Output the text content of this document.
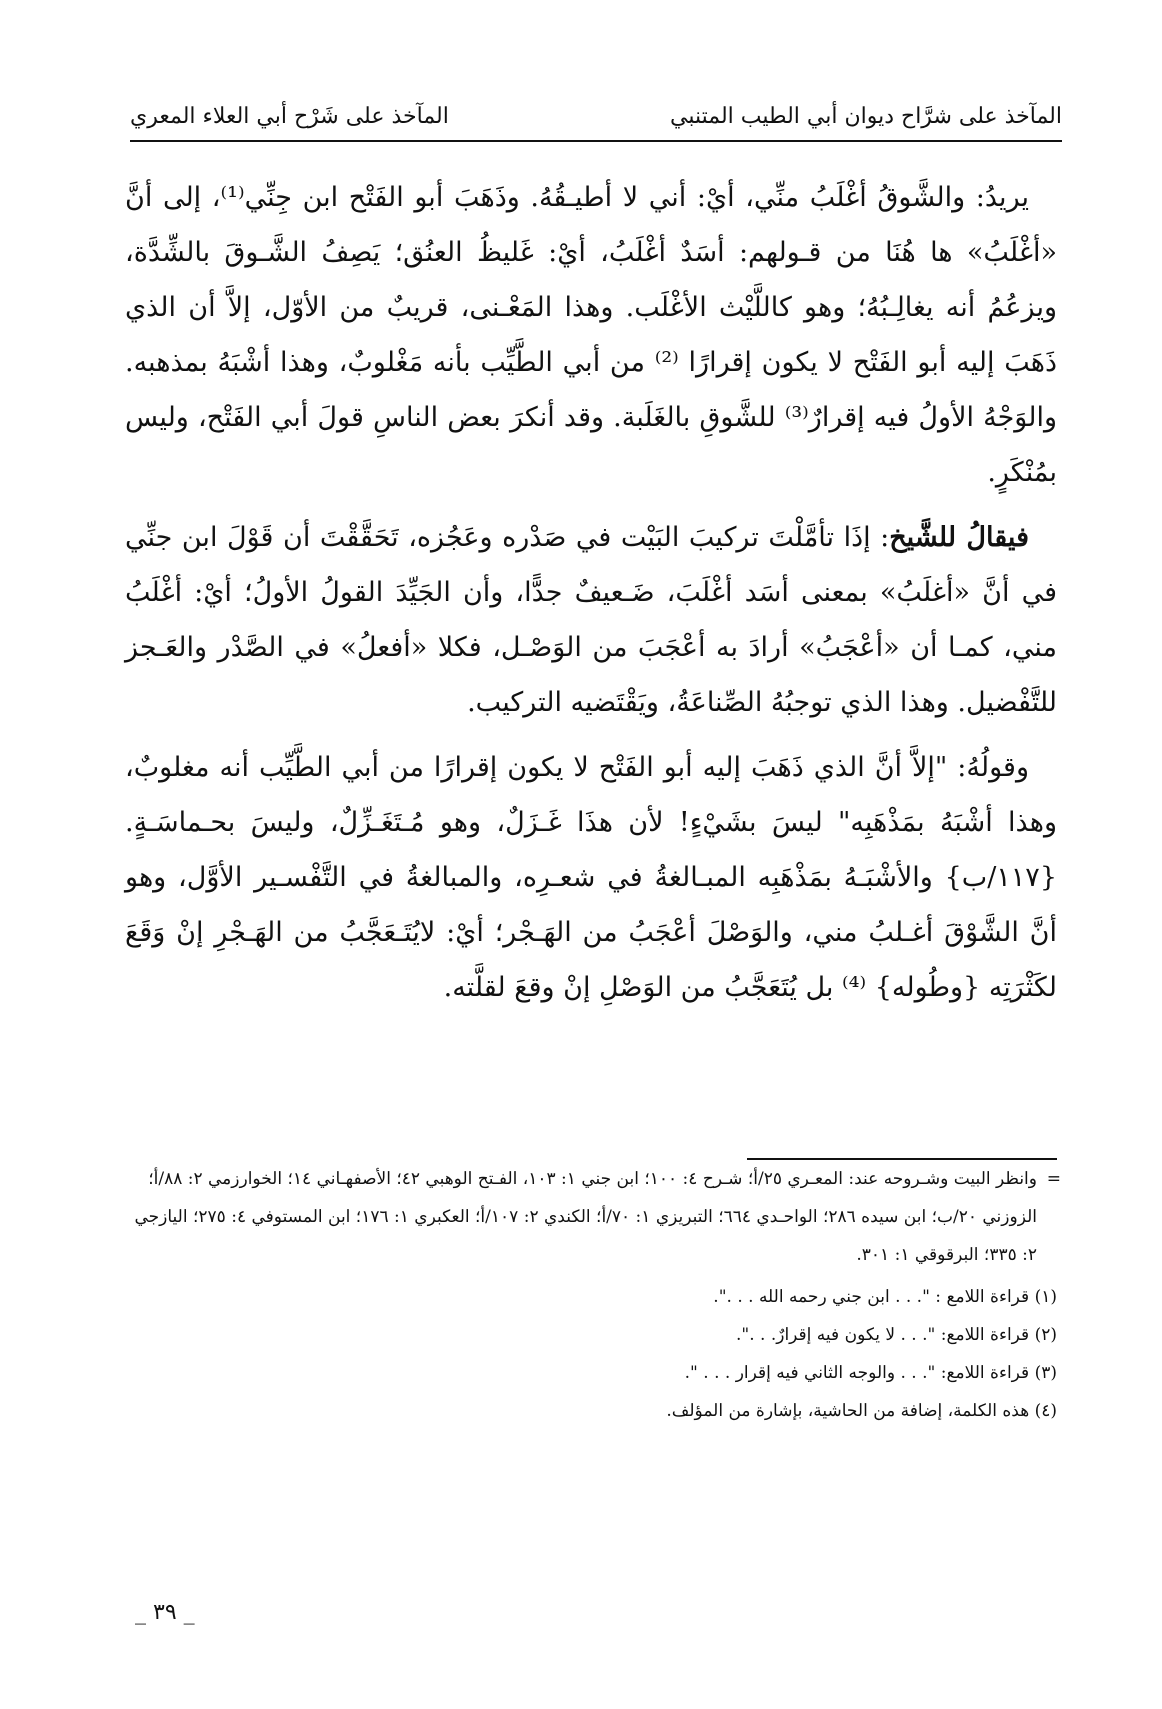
المآخذ على شرَّاح ديوان أبي الطيب المتنبي
المآخذ على شَرْح أبي العلاء المعري

يريدُ: والشَّوقُ أغْلَبُ منِّي، أيْ: أني لا أطيـقُهُ. وذَهَبَ أبو الفَتْح ابن جِنِّي⁽¹⁾، إلى أنَّ «أغْلَبُ» ها هُنَا من قـولهم: أسَدٌ أغْلَبُ، أيْ: غَليظُ العنُق؛ يَصِفُ الشَّـوقَ بالشِّدَّة، ويزعُمُ أنه يغالِـبُهُ؛ وهو كاللَّيْث الأغْلَب. وهذا المَعْـنى، قريبٌ من الأوّل، إلاَّ أن الذي ذَهَبَ إليه أبو الفَتْح لا يكون إقرارًا ⁽²⁾ من أبي الطَّيِّب بأنه مَغْلوبٌ، وهذا أشْبَهُ بمذهبه. والوَجْهُ الأولُ فيه إقرارٌ⁽³⁾ للشَّوقِ بالغَلَبة. وقد أنكرَ بعض الناسِ قولَ أبي الفَتْح، وليس بمُنْكَرٍ.

فيقالُ للشَّيخ: إذَا تأمَّلْتَ تركيبَ البَيْت في صَدْره وعَجُزه، تَحَقَّقْتَ أن قَوْلَ ابن جنِّي في أنَّ «أغلَبُ» بمعنى أسَد أغْلَبَ، ضَـعيفٌ جدًّا، وأن الجَيِّدَ القولُ الأولُ؛ أيْ: أغْلَبُ مني، كمـا أن «أعْجَبُ» أرادَ به أعْجَبَ من الوَصْـل، فكلا «أفعلُ» في الصَّدْر والعَـجز للتَّفْضيل. وهذا الذي توجبُهُ الصِّناعَةُ، ويَقْتَضيه التركيب.

وقولُهُ: "إلاَّ أنَّ الذي ذَهَبَ إليه أبو الفَتْح لا يكون إقرارًا من أبي الطَّيِّب أنه مغلوبٌ، وهذا أشْبَهُ بمَذْهَبِه" ليسَ بشَيْءٍ! لأن هذَا غَـزَلٌ، وهو مُـتَغَـزِّلٌ، وليسَ بحـماسَـةٍ. {١١٧/ب} والأشْبَـهُ بمَذْهَبِه المبـالغةُ في شعـرِه، والمبالغةُ في التَّفْسـير الأوَّل، وهو أنَّ الشَّوْقَ أغـلبُ مني، والوَصْلَ أعْجَبُ من الهَـجْر؛ أيْ: لايُتَـعَجَّبُ من الهَـجْرِ إنْ وَقَعَ لكَثْرَتِه {وطُوله} ⁽⁴⁾ بل يُتَعَجَّبُ من الوَصْلِ إنْ وقعَ لقلَّته.

=
وانظر البيت وشـروحه عند: المعـري ٢٥/أ؛ شـرح ٤: ١٠٠؛ ابن جني ١: ١٠٣، الفـتح الوهبي ٤٢؛ الأصفهـاني ١٤؛ الخوارزمي ٢: ٨٨/أ؛ الزوزني ٢٠/ب؛ ابن سيده ٢٨٦؛ الواحـدي ٦٦٤؛ التبريزي ١: ٧٠/أ؛ الكندي ٢: ١٠٧/أ؛ العكبري ١: ١٧٦؛ ابن المستوفي ٤: ٢٧٥؛ اليازجي ٢: ٣٣٥؛ البرقوقي ١: ٣٠١.
(١) قراءة اللامع : ". . . ابن جني رحمه الله . . .".
(٢) قراءة اللامع: ". . . لا يكون فيه إقرارٌ. . .".
(٣) قراءة اللامع: ". . . والوجه الثاني فيه إقرار . . . ".
(٤) هذه الكلمة، إضافة من الحاشية، بإشارة من المؤلف.
_ ٣٩ _
